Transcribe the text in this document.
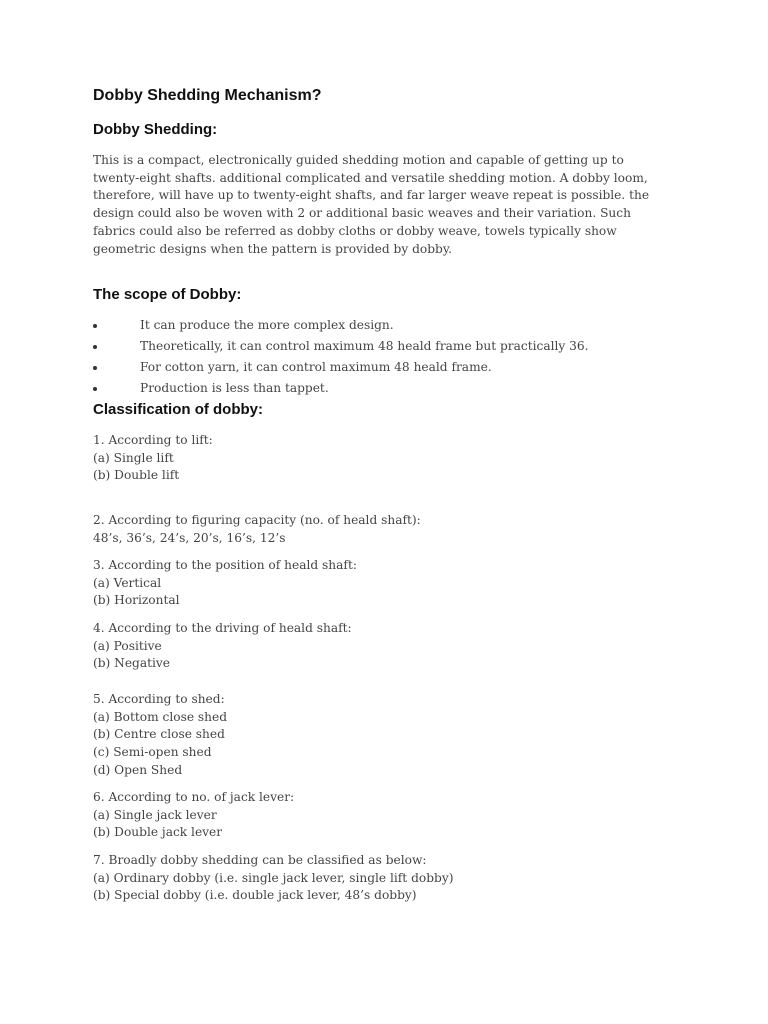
Dobby Shedding Mechanism?
Dobby Shedding:

This is a compact, electronically guided shedding motion and capable of getting up to
twenty-eight shafts. additional complicated and versatile shedding motion. A dobby loom,
therefore, will have up to twenty-eight shafts, and far larger weave repeat is possible. the
design could also be woven with 2 or additional basic weaves and their variation. Such
fabrics could also be referred as dobby cloths or dobby weave, towels typically show
geometric designs when the pattern is provided by dobby.

The scope of Dobby:
It can produce the more complex design.
Theoretically, it can control maximum 48 heald frame but practically 36.
For cotton yarn, it can control maximum 48 heald frame.
Production is less than tappet.
Classification of dobby:
1. According to lift:
(a) Single lift
(b) Double lift
2. According to figuring capacity (no. of heald shaft):
48’s, 36’s, 24’s, 20’s, 16’s, 12’s
3. According to the position of heald shaft:
(a) Vertical
(b) Horizontal
4. According to the driving of heald shaft:
(a) Positive
(b) Negative
5. According to shed:
(a) Bottom close shed
(b) Centre close shed
(c) Semi-open shed
(d) Open Shed
6. According to no. of jack lever:
(a) Single jack lever
(b) Double jack lever
7. Broadly dobby shedding can be classified as below:
(a) Ordinary dobby (i.e. single jack lever, single lift dobby)
(b) Special dobby (i.e. double jack lever, 48’s dobby)
